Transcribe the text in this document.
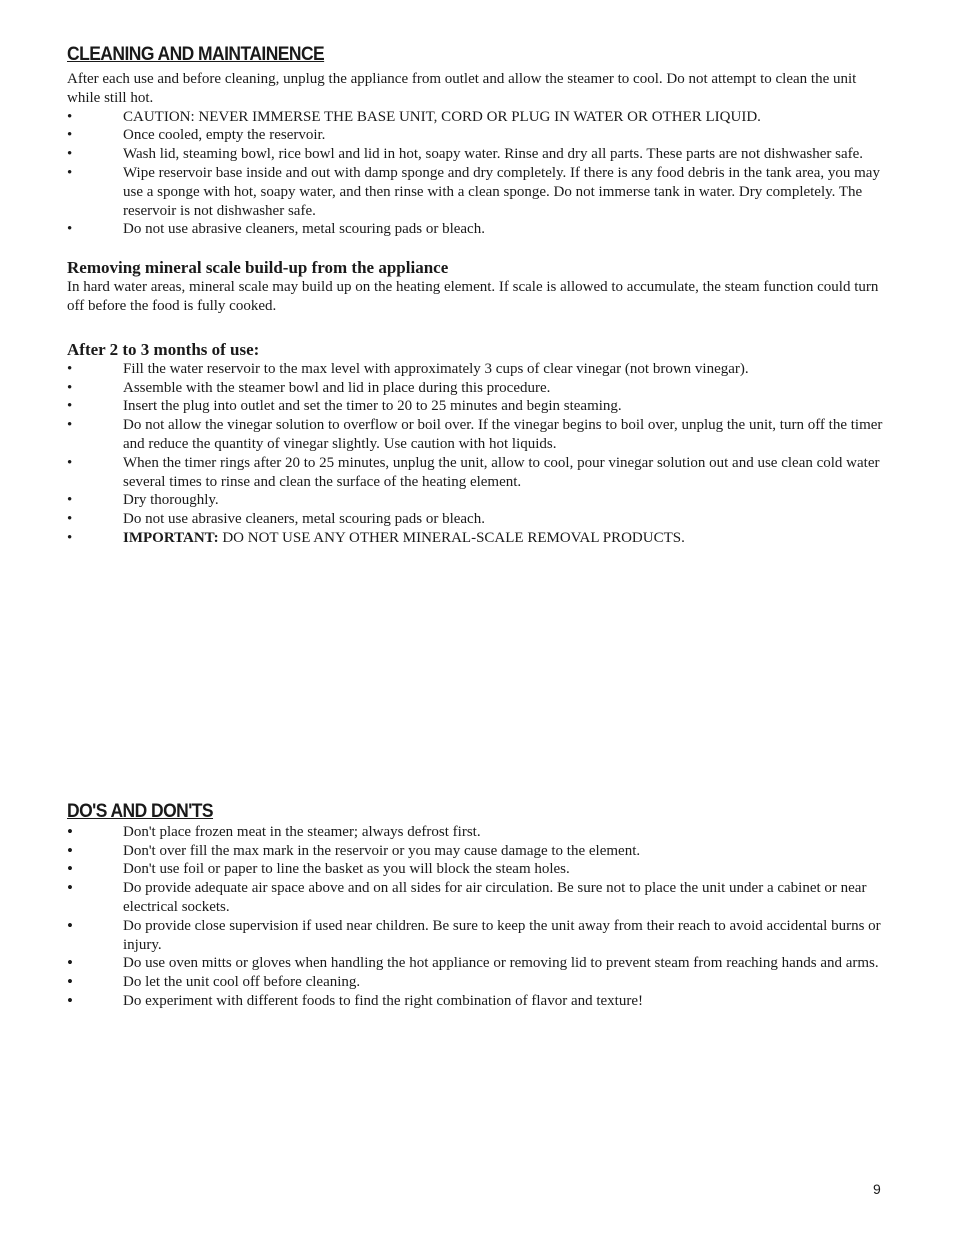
CLEANING AND MAINTAINENCE

After each use and before cleaning, unplug the appliance from outlet and allow the steamer to cool. Do not attempt to clean the unit while still hot.

•	CAUTION: NEVER IMMERSE THE BASE UNIT, CORD OR PLUG IN WATER OR OTHER LIQUID.
•	Once cooled, empty the reservoir.
•	Wash lid, steaming bowl, rice bowl and lid in hot, soapy water. Rinse and dry all parts. These parts are not dishwasher safe.
•	Wipe reservoir base inside and out with damp sponge and dry completely. If there is any food debris in the tank area, you may use a sponge with hot, soapy water, and then rinse with a clean sponge. Do not immerse tank in water. Dry completely. The reservoir is not dishwasher safe.
•	Do not use abrasive cleaners, metal scouring pads or bleach.
Removing mineral scale build-up from the appliance

In hard water areas, mineral scale may build up on the heating element. If scale is allowed to accumulate, the steam function could turn off before the food is fully cooked.

After 2 to 3 months of use:
•	Fill the water reservoir to the max level with approximately 3 cups of clear vinegar (not brown vinegar).
•	Assemble with the steamer bowl and lid in place during this procedure.
•	Insert the plug into outlet and set the timer to 20 to 25 minutes and begin steaming.
•	Do not allow the vinegar solution to overflow or boil over. If the vinegar begins to boil over, unplug the unit, turn off the timer and reduce the quantity of vinegar slightly. Use caution with hot liquids.
•	When the timer rings after 20 to 25 minutes, unplug the unit, allow to cool, pour vinegar solution out and use clean cold water several times to rinse and clean the surface of the heating element.
•	Dry thoroughly.
•	Do not use abrasive cleaners, metal scouring pads or bleach.
•	IMPORTANT: DO NOT USE ANY OTHER MINERAL-SCALE REMOVAL PRODUCTS.
DO'S AND DON'TS
•	Don't place frozen meat in the steamer; always defrost first.
•	Don't over fill the max mark in the reservoir or you may cause damage to the element.
•	Don't use foil or paper to line the basket as you will block the steam holes.
•	Do provide adequate air space above and on all sides for air circulation. Be sure not to place the unit under a cabinet or near electrical sockets.
•	Do provide close supervision if used near children. Be sure to keep the unit away from their reach to avoid accidental burns or injury.
•	Do use oven mitts or gloves when handling the hot appliance or removing lid to prevent steam from reaching hands and arms.
•	Do let the unit cool off before cleaning.
•	Do experiment with different foods to find the right combination of flavor and texture!
9
